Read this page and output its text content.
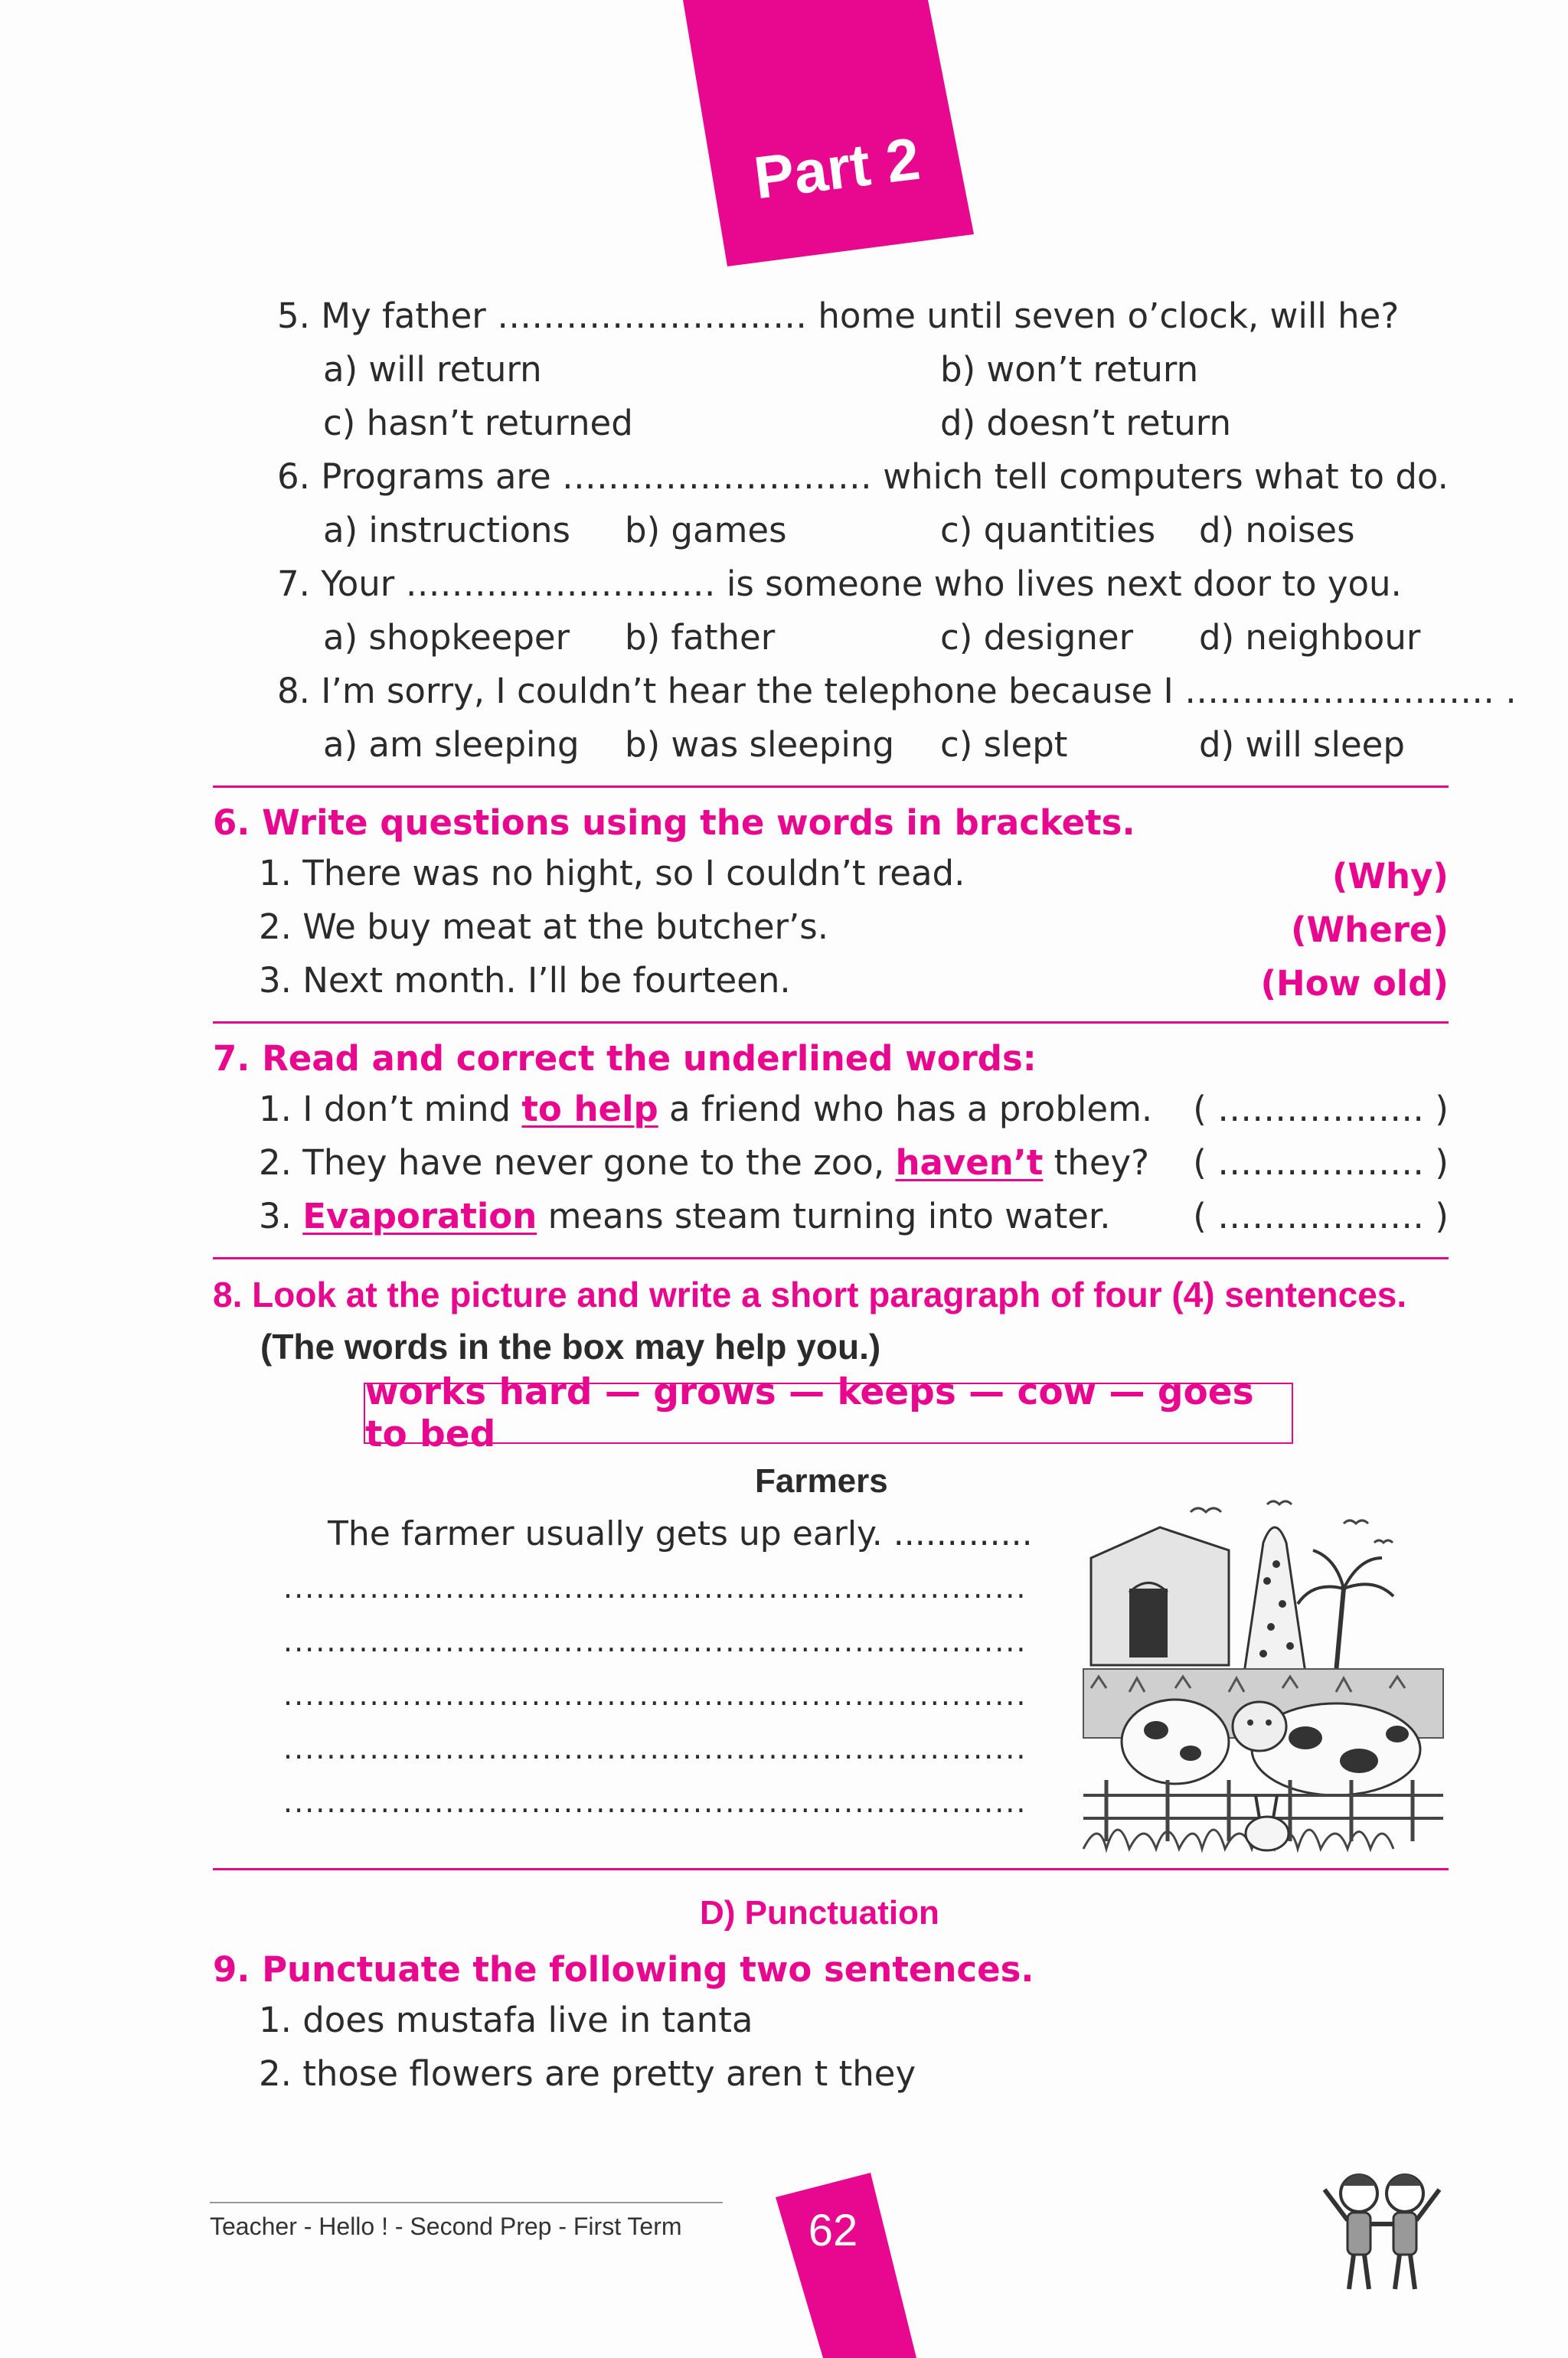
Part 2
5. My father ……………………… home until seven o’clock, will he?
a) will return	b) won’t return
c) hasn’t returned	d) doesn’t return
6. Programs are ……………………… which tell computers what to do.
a) instructions b) games	c) quantities d) noises
7. Your ……………………… is someone who lives next door to you.
a) shopkeeper b) father	c) designer d) neighbour
8. I’m sorry, I couldn’t hear the telephone because I ……………………… .
a) am sleeping b) was sleeping c) slept	d) will sleep
6. Write questions using the words in brackets.
1. There was no hight, so I couldn’t read.	(Why)
2. We buy meat at the butcher’s.	(Where)
3. Next month. I’ll be fourteen.	(How old)
7. Read and correct the underlined words:
1. I don’t mind to help a friend who has a problem. ( ……………… )
2. They have never gone to the zoo, haven’t they? ( ……………… )
3. Evaporation means steam turning into water. ( ……………… )
8. Look at the picture and write a short paragraph of four (4) sentences.
(The words in the box may help you.)
works hard — grows — keeps — cow — goes to bed
Farmers
The farmer usually gets up early. .............
.....................................................................
.....................................................................
.....................................................................
.....................................................................
.....................................................................
D) Punctuation
9. Punctuate the following two sentences.
1. does mustafa live in tanta
2. those flowers are pretty aren t they
Teacher - Hello ! - Second Prep - First Term	62
